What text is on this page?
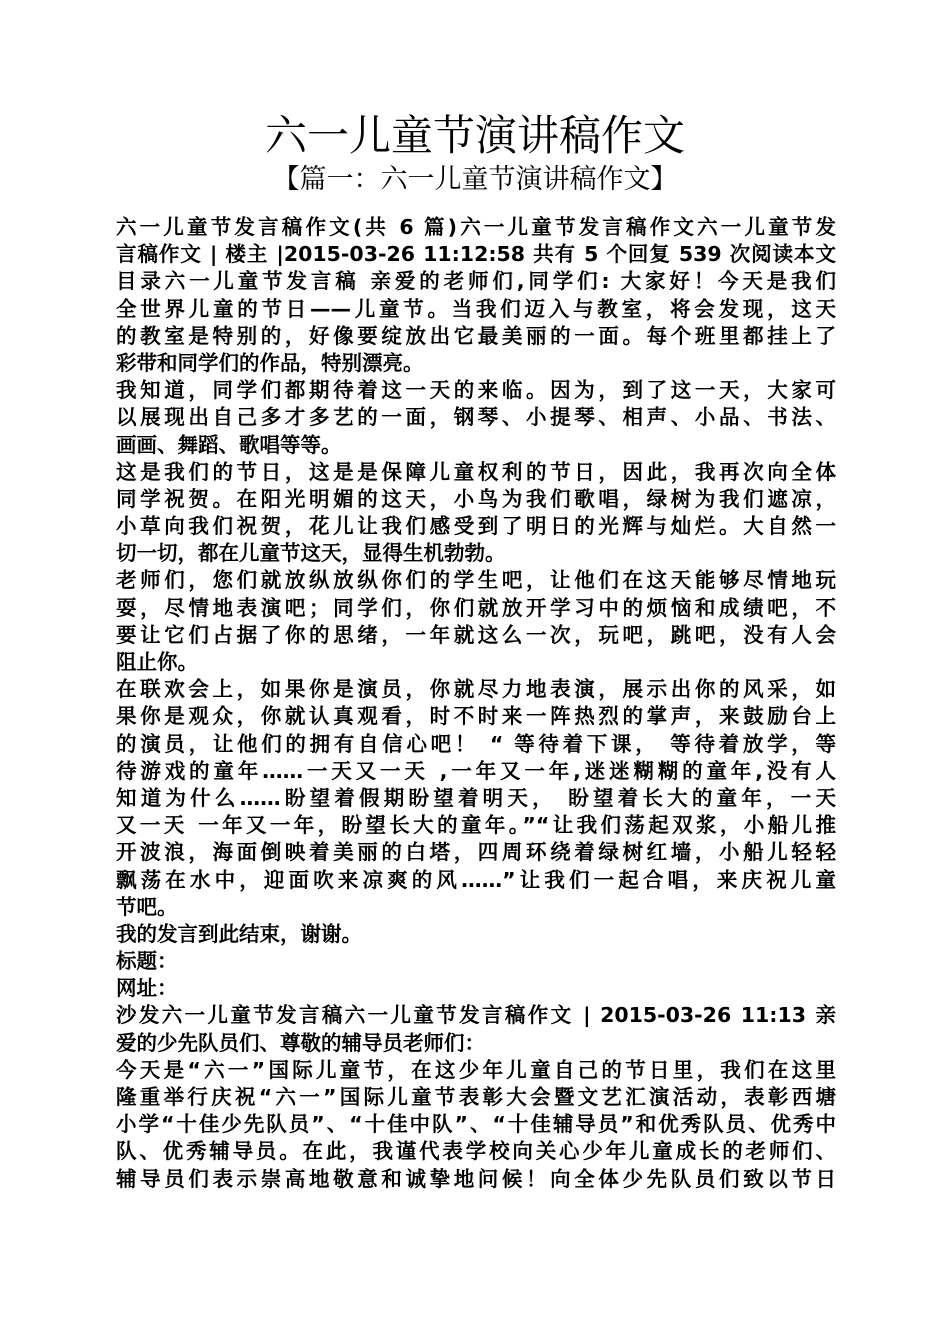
六一儿童节演讲稿作文
【篇一：六一儿童节演讲稿作文】
六一儿童节发言稿作文(共 6 篇)六一儿童节发言稿作文六一儿童节发
言稿作文 | 楼主 |2015-03-26 11:12:58 共有 5 个回复 539 次阅读本文
目录六一儿童节发言稿 亲爱的老师们,同学们: 大家好！今天是我们
全世界儿童的节日——儿童节。当我们迈入与教室，将会发现，这天
的教室是特别的，好像要绽放出它最美丽的一面。每个班里都挂上了
彩带和同学们的作品，特别漂亮。
我知道，同学们都期待着这一天的来临。因为，到了这一天，大家可
以展现出自己多才多艺的一面，钢琴、小提琴、相声、小品、书法、
画画、舞蹈、歌唱等等。
这是我们的节日，这是是保障儿童权利的节日，因此，我再次向全体
同学祝贺。在阳光明媚的这天，小鸟为我们歌唱，绿树为我们遮凉，
小草向我们祝贺，花儿让我们感受到了明日的光辉与灿烂。大自然一
切一切，都在儿童节这天，显得生机勃勃。
老师们，您们就放纵放纵你们的学生吧，让他们在这天能够尽情地玩
耍，尽情地表演吧；同学们，你们就放开学习中的烦恼和成绩吧，不
要让它们占据了你的思绪，一年就这么一次，玩吧，跳吧，没有人会
阻止你。
在联欢会上，如果你是演员，你就尽力地表演，展示出你的风采，如
果你是观众，你就认真观看，时不时来一阵热烈的掌声，来鼓励台上
的演员，让他们的拥有自信心吧！ “ 等待着下课， 等待着放学，等
待游戏的童年……一天又一天 ,一年又一年,迷迷糊糊的童年,没有人
知道为什么……盼望着假期盼望着明天， 盼望着长大的童年，一天
又一天 一年又一年，盼望长大的童年。”“让我们荡起双浆，小船儿推
开波浪，海面倒映着美丽的白塔，四周环绕着绿树红墙，小船儿轻轻
飘荡在水中，迎面吹来凉爽的风……”让我们一起合唱，来庆祝儿童
节吧。
我的发言到此结束，谢谢。
标题：
网址：
沙发六一儿童节发言稿六一儿童节发言稿作文 | 2015-03-26 11:13 亲
爱的少先队员们、尊敬的辅导员老师们：
今天是“六一”国际儿童节，在这少年儿童自己的节日里，我们在这里
隆重举行庆祝“六一”国际儿童节表彰大会暨文艺汇演活动，表彰西塘
小学“十佳少先队员”、“十佳中队”、“十佳辅导员”和优秀队员、优秀中
队、优秀辅导员。在此，我谨代表学校向关心少年儿童成长的老师们、
辅导员们表示崇高地敬意和诚挚地问候！向全体少先队员们致以节日
